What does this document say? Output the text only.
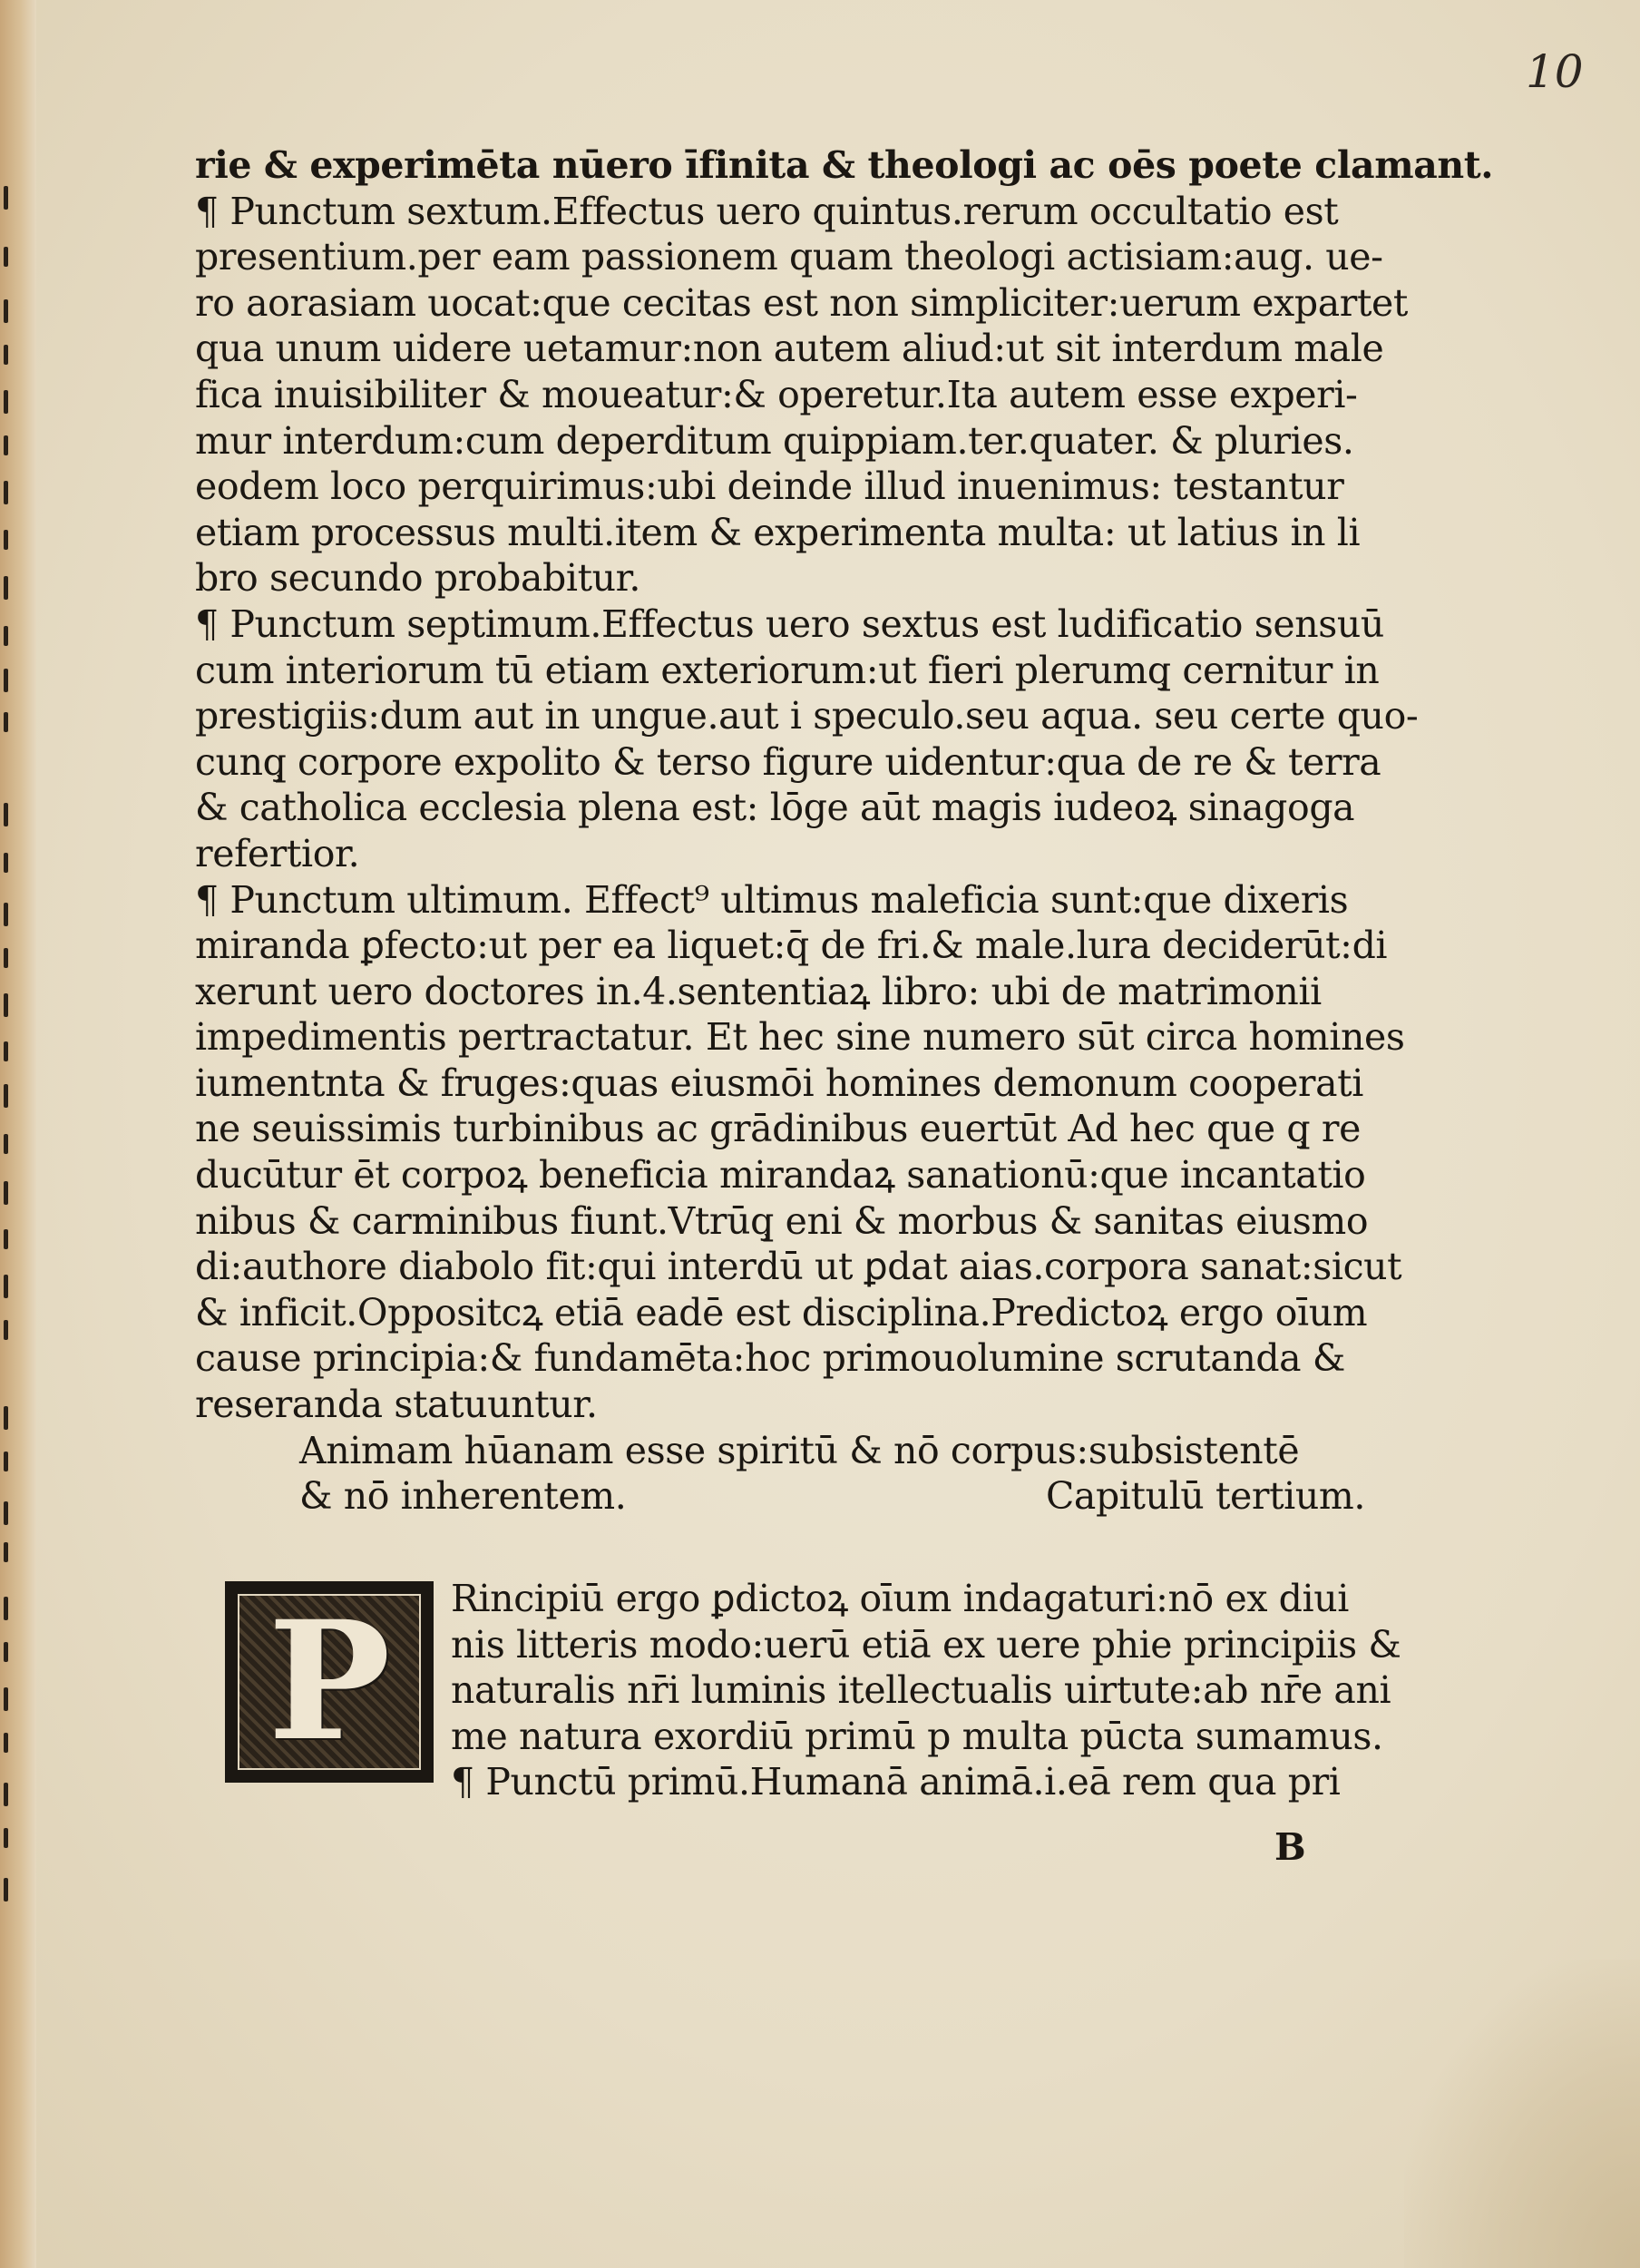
10
rie & experimēta nūero īfinita & theologi ac oēs poete clamant.
¶ Punctum sextum.Effectus uero quintus.rerum occultatio est
presentium.per eam passionem quam theologi actisiam:aug. ue-
ro aorasiam uocat:que cecitas est non simpliciter:uerum expartet
qua unum uidere uetamur:non autem aliud:ut sit interdum male
fica inuisibiliter & moueatur:& operetur.Ita autem esse experi-
mur interdum:cum deperditum quippiam.ter.quater. & pluries.
eodem loco perquirimus:ubi deinde illud inuenimus: testantur
etiam processus multi.item & experimenta multa: ut latius in li
bro secundo probabitur.
¶ Punctum septimum.Effectus uero sextus est ludificatio sensuū
cum interiorum tū etiam exteriorum:ut fieri plerumq̧ cernitur in
prestigiis:dum aut in ungue.aut i speculo.seu aqua. seu certe quo-
cunq̧ corpore expolito & terso figure uidentur:qua de re & terra
& catholica ecclesia plena est: lōge aūt magis iudeoꝝ sinagoga
refertior.
¶ Punctum ultimum. Effect⁹ ultimus maleficia sunt:que dixeris
miranda ꝑfecto:ut per ea liquet:q̄ de fri.& male.lura deciderūt:di
xerunt uero doctores in.4.sententiaꝝ libro: ubi de matrimonii
impedimentis pertractatur. Et hec sine numero sūt circa homines
iumentnta & fruges:quas eiusmōi homines demonum cooperati
ne seuissimis turbinibus ac grādinibus euertūt Ad hec que q̧ re
ducūtur ēt corpoꝝ beneficia mirandaꝝ sanationū:que incantatio
nibus & carminibus fiunt.Vtrūq̧ eni & morbus & sanitas eiusmo
di:authore diabolo fit:qui interdū ut ꝑdat aias.corpora sanat:sicut
& inficit.Oppositcꝝ etiā eadē est disciplina.Predictoꝝ ergo oīum
cause principia:& fundamēta:hoc primouolumine scrutanda &
reseranda statuuntur.
Animam hūanam esse spiritū & nō corpus:subsistentē
& nō inherentem.	Capitulū tertium.
P Rincipiū ergo ꝑdictoꝝ oīum indagaturi:nō ex diui
nis litteris modo:uerū etiā ex uere phie principiis &
naturalis nr̄i luminis itellectualis uirtute:ab nr̄e ani
me natura exordiū primū p multa pūcta sumamus.
¶ Punctū primū.Humanā animā.i.eā rem qua pri
B
